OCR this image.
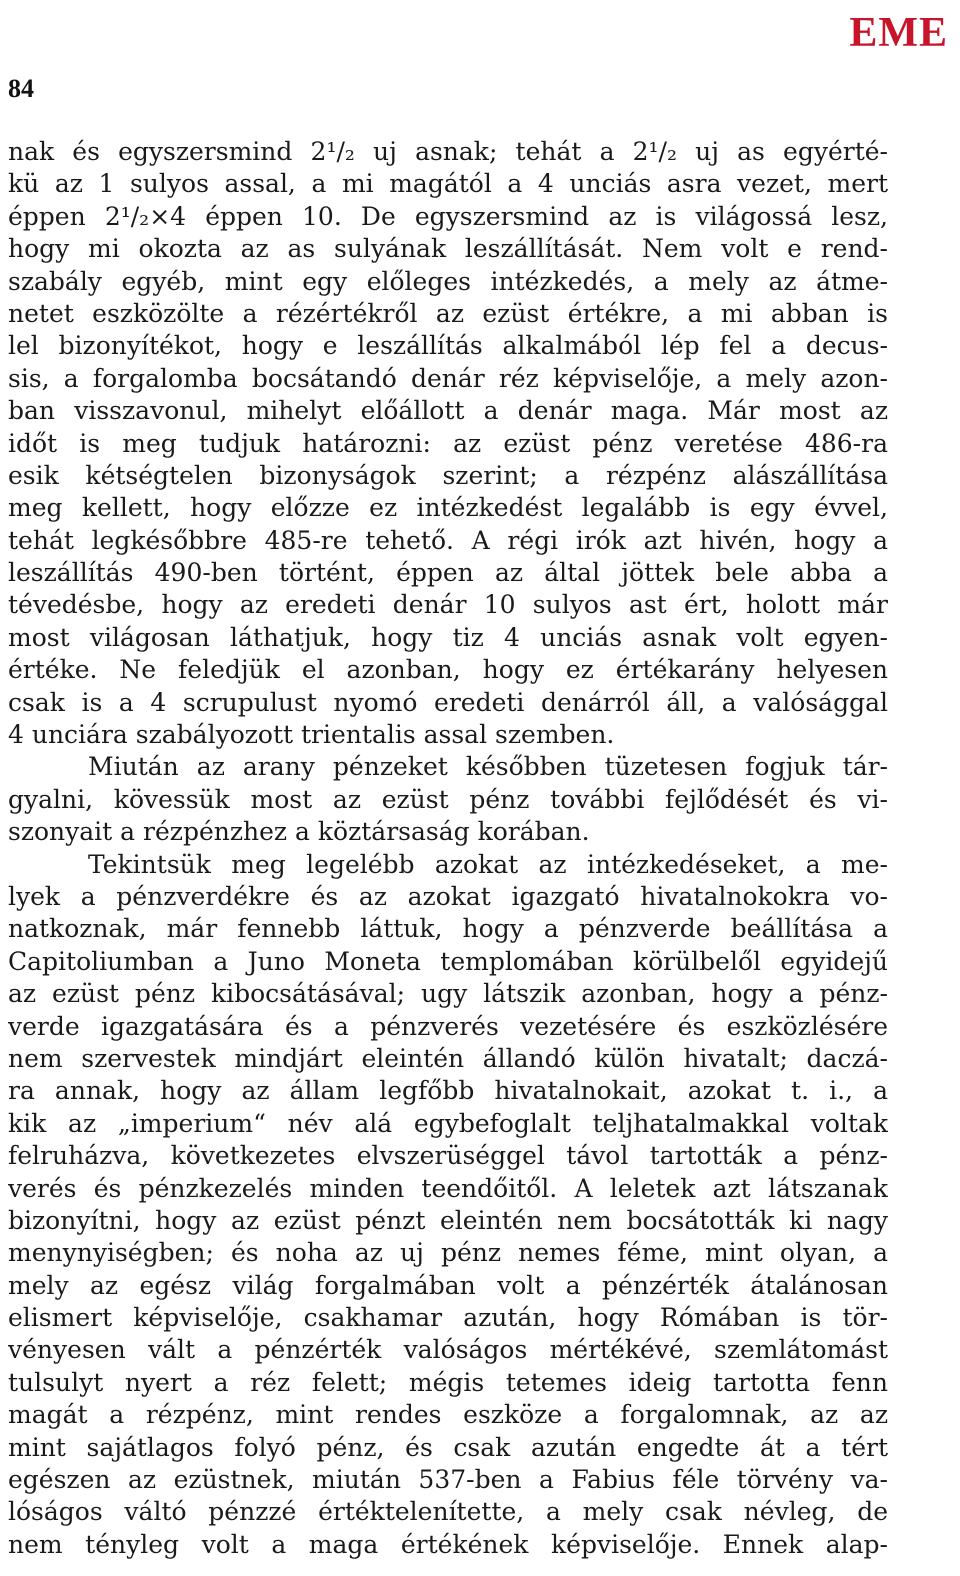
EME
84
nak és egyszersmind 2¹/₂ uj asnak; tehát a 2¹/₂ uj as egyérté-
kü az 1 sulyos assal, a mi magától a 4 unciás asra vezet, mert
éppen 2¹/₂×4 éppen 10. De egyszersmind az is világossá lesz,
hogy mi okozta az as sulyának leszállítását. Nem volt e rend-
szabály egyéb, mint egy előleges intézkedés, a mely az átme-
netet eszközölte a rézértékről az ezüst értékre, a mi abban is
lel bizonyítékot, hogy e leszállítás alkalmából lép fel a decus-
sis, a forgalomba bocsátandó denár réz képviselője, a mely azon-
ban visszavonul, mihelyt előállott a denár maga. Már most az
időt is meg tudjuk határozni: az ezüst pénz veretése 486-ra
esik kétségtelen bizonyságok szerint; a rézpénz alászállítása
meg kellett, hogy előzze ez intézkedést legalább is egy évvel,
tehát legkésőbbre 485-re tehető. A régi irók azt hivén, hogy a
leszállítás 490-ben történt, éppen az által jöttek bele abba a
tévedésbe, hogy az eredeti denár 10 sulyos ast ért, holott már
most világosan láthatjuk, hogy tiz 4 unciás asnak volt egyen-
értéke. Ne feledjük el azonban, hogy ez értékarány helyesen
csak is a 4 scrupulust nyomó eredeti denárról áll, a valósággal
4 unciára szabályozott trientalis assal szemben.
Miután az arany pénzeket későbben tüzetesen fogjuk tár-
gyalni, kövessük most az ezüst pénz további fejlődését és vi-
szonyait a rézpénzhez a köztársaság korában.
Tekintsük meg legelébb azokat az intézkedéseket, a me-
lyek a pénzverdékre és az azokat igazgató hivatalnokokra vo-
natkoznak, már fennebb láttuk, hogy a pénzverde beállítása a
Capitoliumban a Juno Moneta templomában körülbelől egyidejű
az ezüst pénz kibocsátásával; ugy látszik azonban, hogy a pénz-
verde igazgatására és a pénzverés vezetésére és eszközlésére
nem szervestek mindjárt eleintén állandó külön hivatalt; daczá-
ra annak, hogy az állam legfőbb hivatalnokait, azokat t. i., a
kik az „imperium“ név alá egybefoglalt teljhatalmakkal voltak
felruházva, következetes elvszerüséggel távol tartották a pénz-
verés és pénzkezelés minden teendőitől. A leletek azt látszanak
bizonyítni, hogy az ezüst pénzt eleintén nem bocsátották ki nagy
menynyiségben; és noha az uj pénz nemes féme, mint olyan, a
mely az egész világ forgalmában volt a pénzérték átalánosan
elismert képviselője, csakhamar azután, hogy Rómában is tör-
vényesen vált a pénzérték valóságos mértékévé, szemlátomást
tulsulyt nyert a réz felett; mégis tetemes ideig tartotta fenn
magát a rézpénz, mint rendes eszköze a forgalomnak, az az
mint sajátlagos folyó pénz, és csak azután engedte át a tért
egészen az ezüstnek, miután 537-ben a Fabius féle törvény va-
lóságos váltó pénzzé értéktelenítette, a mely csak névleg, de
nem tényleg volt a maga értékének képviselője. Ennek alap-
